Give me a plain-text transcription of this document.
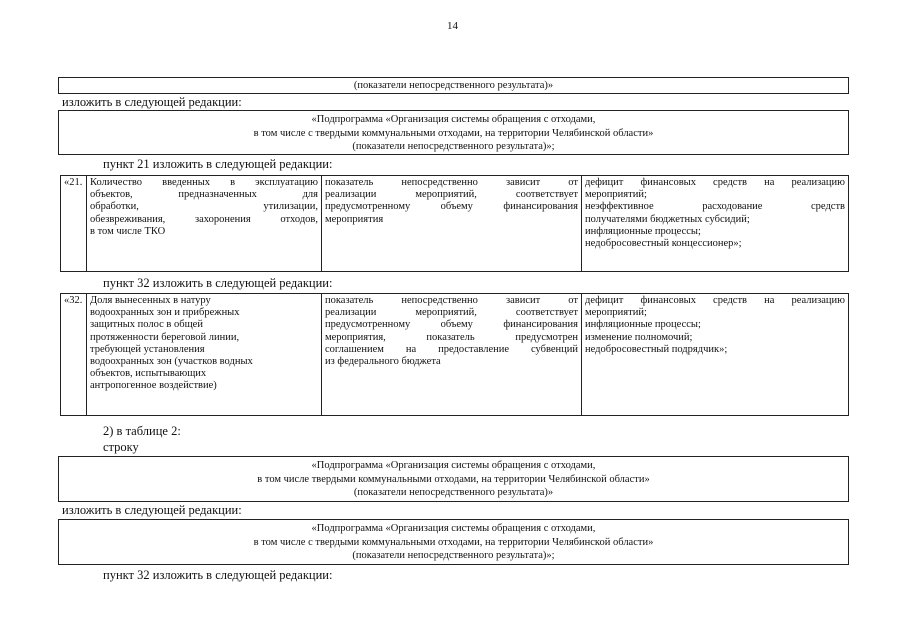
14
(показатели непосредственного результата)»
изложить в следующей редакции:
«Подпрограмма «Организация системы обращения с отходами,
в том числе с твердыми коммунальными отходами, на территории Челябинской области»
(показатели непосредственного результата)»;
пункт 21 изложить в следующей редакции:
«21.	Количество введенных в эксплуатацию
объектов, предназначенных для
обработки, утилизации,
обезвреживания, захоронения отходов,
в том числе ТКО

показатель непосредственно зависит от
реализации мероприятий, соответствует
предусмотренному объему финансирования
мероприятия

дефицит финансовых средств на реализацию
мероприятий;
неэффективное расходование средств
получателями бюджетных субсидий;
инфляционные процессы;
недобросовестный концессионер»;
пункт 32 изложить в следующей редакции:
«32.	Доля вынесенных в натуру
водоохранных зон и прибрежных
защитных полос в общей
протяженности береговой линии,
требующей установления
водоохранных зон (участков водных
объектов, испытывающих
антропогенное воздействие)

показатель непосредственно зависит от
реализации мероприятий, соответствует
предусмотренному объему финансирования
мероприятия, показатель предусмотрен
соглашением на предоставление субвенций
из федерального бюджета

дефицит финансовых средств на реализацию
мероприятий;
инфляционные процессы;
изменение полномочий;
недобросовестный подрядчик»;
2) в таблице 2:
строку
«Подпрограмма «Организация системы обращения с отходами,
в том числе твердыми коммунальными отходами, на территории Челябинской области»
(показатели непосредственного результата)»
изложить в следующей редакции:
«Подпрограмма «Организация системы обращения с отходами,
в том числе с твердыми коммунальными отходами, на территории Челябинской области»
(показатели непосредственного результата)»;
пункт 32 изложить в следующей редакции:
